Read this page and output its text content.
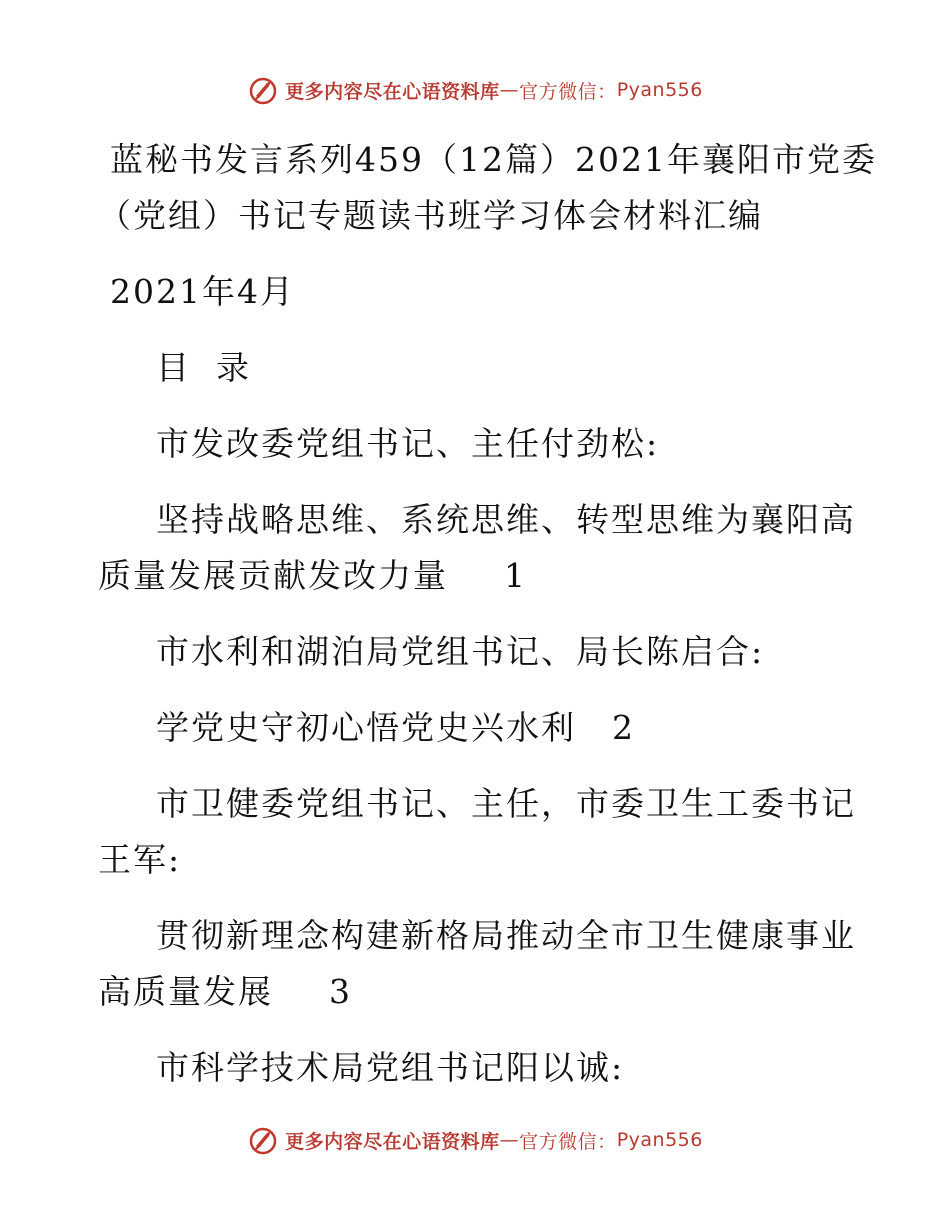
更多内容尽在心语资料库 — 官方微信： Pyan556

蓝秘书发言系列459（12篇）2021年襄阳市党委

（党组）书记专题读书班学习体会材料汇编

2021年4月

目  录

市发改委党组书记、主任付劲松:

坚持战略思维、系统思维、转型思维为襄阳高

质量发展贡献发改力量 1

市水利和湖泊局党组书记、局长陈启合:

学党史守初心悟党史兴水利 2

市卫健委党组书记、主任，市委卫生工委书记

王军:

贯彻新理念构建新格局推动全市卫生健康事业

高质量发展 3

市科学技术局党组书记阳以诚:

更多内容尽在心语资料库 — 官方微信： Pyan556
